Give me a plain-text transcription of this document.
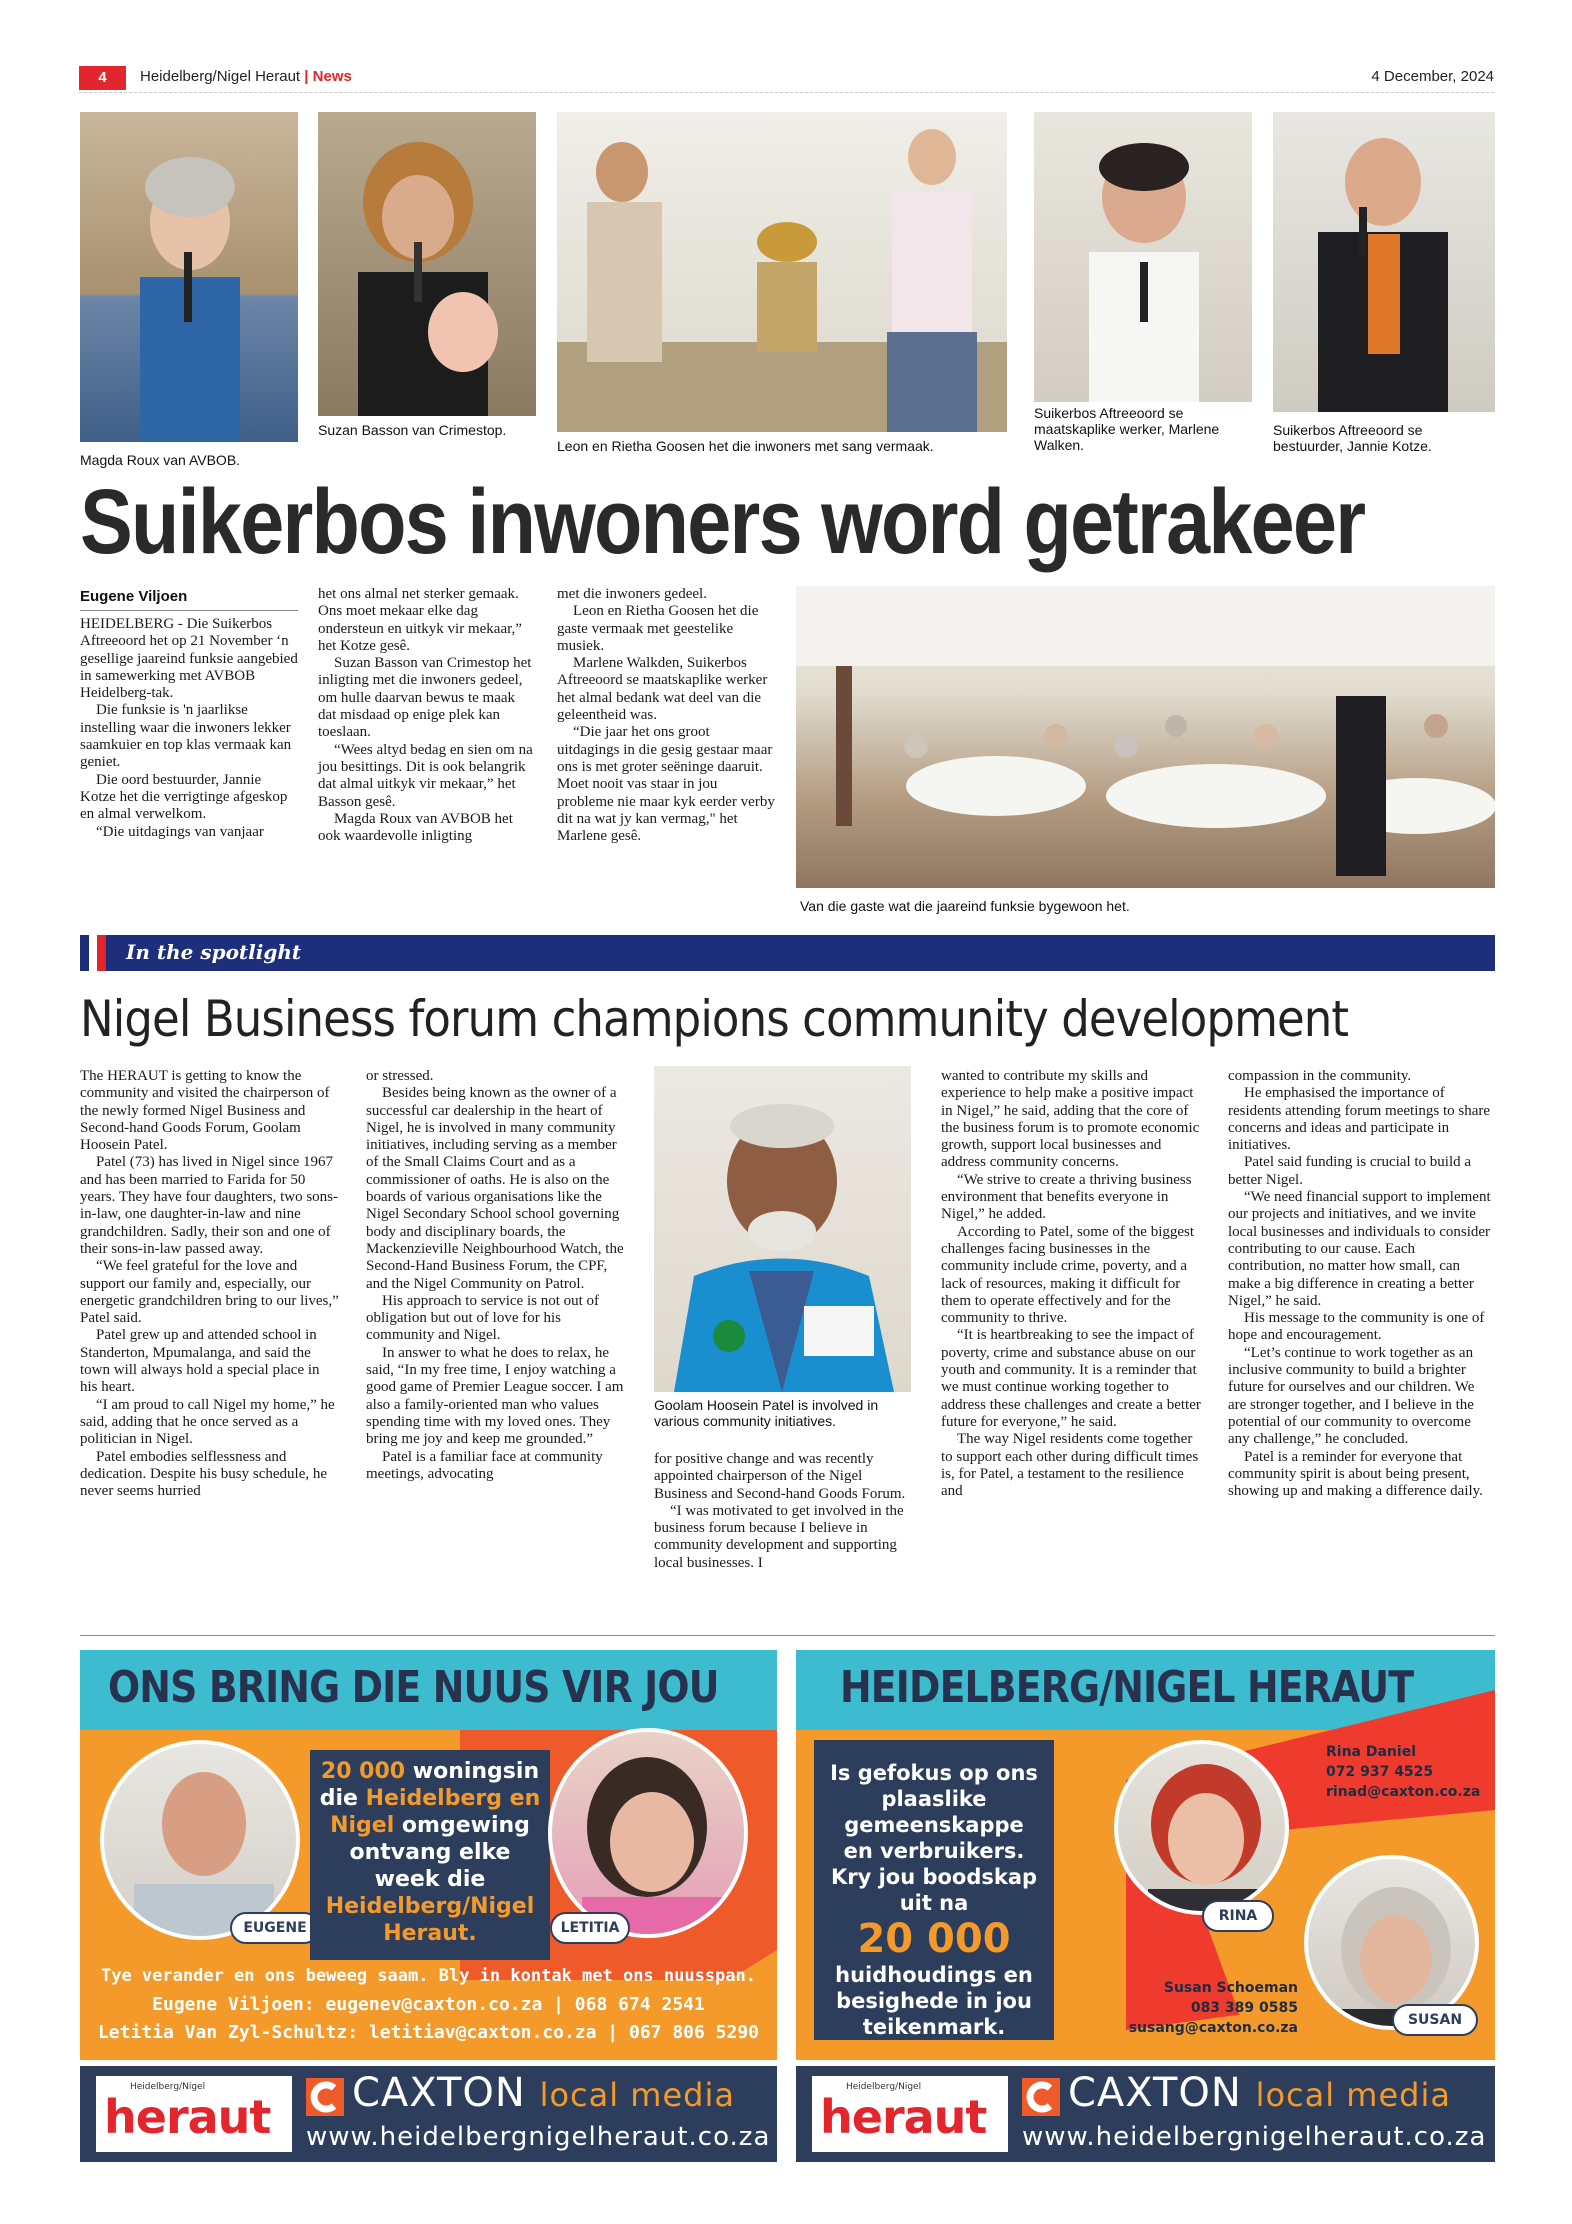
4	Heidelberg/Nigel Heraut | News	4 December, 2024
Magda Roux van AVBOB.
Suzan Basson van Crimestop.
Leon en Rietha Goosen het die inwoners met sang vermaak.
Suikerbos Aftreeoord se maatskaplike werker, Marlene Walken.
Suikerbos Aftreeoord se bestuurder, Jannie Kotze.
Suikerbos inwoners word getrakeer
Eugene Viljoen

HEIDELBERG - Die Suikerbos Aftreeoord het op 21 November ‘n gesellige jaareind funksie aangebied in samewerking met AVBOB Heidelberg-tak.

Die funksie is 'n jaarlikse instelling waar die inwoners lekker saamkuier en top klas vermaak kan geniet.

Die oord bestuurder, Jannie Kotze het die verrigtinge afgeskop en almal verwelkom.

“Die uitdagings van vanjaar

het ons almal net sterker gemaak. Ons moet mekaar elke dag ondersteun en uitkyk vir mekaar,” het Kotze gesê.

Suzan Basson van Crimestop het inligting met die inwoners gedeel, om hulle daarvan bewus te maak dat misdaad op enige plek kan toeslaan.

“Wees altyd bedag en sien om na jou besittings. Dit is ook belangrik dat almal uitkyk vir mekaar,” het Basson gesê.

Magda Roux van AVBOB het ook waardevolle inligting

met die inwoners gedeel.

Leon en Rietha Goosen het die gaste vermaak met geestelike musiek.

Marlene Walkden, Suikerbos Aftreeoord se maatskaplike werker het almal bedank wat deel van die geleentheid was.

“Die jaar het ons groot uitdagings in die gesig gestaar maar ons is met groter seëninge daaruit. Moet nooit vas staar in jou probleme nie maar kyk eerder verby dit na wat jy kan vermag," het Marlene gesê.

Van die gaste wat die jaareind funksie bygewoon het.
In the spotlight
Nigel Business forum champions community development

The HERAUT is getting to know the community and visited the chairperson of the newly formed Nigel Business and Second-hand Goods Forum, Goolam Hoosein Patel.

Patel (73) has lived in Nigel since 1967 and has been married to Farida for 50 years. They have four daughters, two sons-in-law, one daughter-in-law and nine grandchildren. Sadly, their son and one of their sons-in-law passed away.

“We feel grateful for the love and support our family and, especially, our energetic grandchildren bring to our lives,” Patel said.

Patel grew up and attended school in Standerton, Mpumalanga, and said the town will always hold a special place in his heart.

“I am proud to call Nigel my home,” he said, adding that he once served as a politician in Nigel.

Patel embodies selflessness and dedication. Despite his busy schedule, he never seems hurried

or stressed.

Besides being known as the owner of a successful car dealership in the heart of Nigel, he is involved in many community initiatives, including serving as a member of the Small Claims Court and as a commissioner of oaths. He is also on the boards of various organisations like the Nigel Secondary School school governing body and disciplinary boards, the Mackenzieville Neighbourhood Watch, the Second-Hand Business Forum, the CPF, and the Nigel Community on Patrol.

His approach to service is not out of obligation but out of love for his community and Nigel.

In answer to what he does to relax, he said, “In my free time, I enjoy watching a good game of Premier League soccer. I am also a family-oriented man who values spending time with my loved ones. They bring me joy and keep me grounded.”

Patel is a familiar face at community meetings, advocating

Goolam Hoosein Patel is involved in various community initiatives.

for positive change and was recently appointed chairperson of the Nigel Business and Second-hand Goods Forum.

“I was motivated to get involved in the business forum because I believe in community development and supporting local businesses. I

wanted to contribute my skills and experience to help make a positive impact in Nigel,” he said, adding that the core of the business forum is to promote economic growth, support local businesses and address community concerns.

“We strive to create a thriving business environment that benefits everyone in Nigel,” he added.

According to Patel, some of the biggest challenges facing businesses in the community include crime, poverty, and a lack of resources, making it difficult for them to operate effectively and for the community to thrive.

“It is heartbreaking to see the impact of poverty, crime and substance abuse on our youth and community. It is a reminder that we must continue working together to address these challenges and create a better future for everyone,” he said.

The way Nigel residents come together to support each other during difficult times is, for Patel, a testament to the resilience and

compassion in the community.

He emphasised the importance of residents attending forum meetings to share concerns and ideas and participate in initiatives.

Patel said funding is crucial to build a better Nigel.

“We need financial support to implement our projects and initiatives, and we invite local businesses and individuals to consider contributing to our cause. Each contribution, no matter how small, can make a big difference in creating a better Nigel,” he said.

His message to the community is one of hope and encouragement.

“Let’s continue to work together as an inclusive community to build a brighter future for ourselves and our children. We are stronger together, and I believe in the potential of our community to overcome any challenge,” he concluded.

Patel is a reminder for everyone that community spirit is about being present, showing up and making a difference daily.

ONS BRING DIE NUUS VIR JOU
EUGENE
20 000 woningsin
die Heidelberg en
Nigel omgewing
ontvang elke
week die
Heidelberg/Nigel
Heraut.	LETITIA
Tye verander en ons beweeg saam. Bly in kontak met ons nuusspan.
Eugene Viljoen: eugenev@caxton.co.za | 068 674 2541
Letitia Van Zyl-Schultz: letitiav@caxton.co.za | 067 806 5290
HEIDELBERG/NIGEL HERAUT
Is gefokus op ons plaaslike gemeenskappe en verbruikers. Kry jou boodskap uit na
20 000
huidhoudings en besighede in jou teikenmark.
RINA
Rina Daniel
072 937 4525
rinad@caxton.co.za
SUSAN
Susan Schoeman
083 389 0585
susang@caxton.co.za
Heidelberg/Nigel
heraut CAXTON local media
www.heidelbergnigelheraut.co.za
Heidelberg/Nigel
heraut CAXTON local media
www.heidelbergnigelheraut.co.za
